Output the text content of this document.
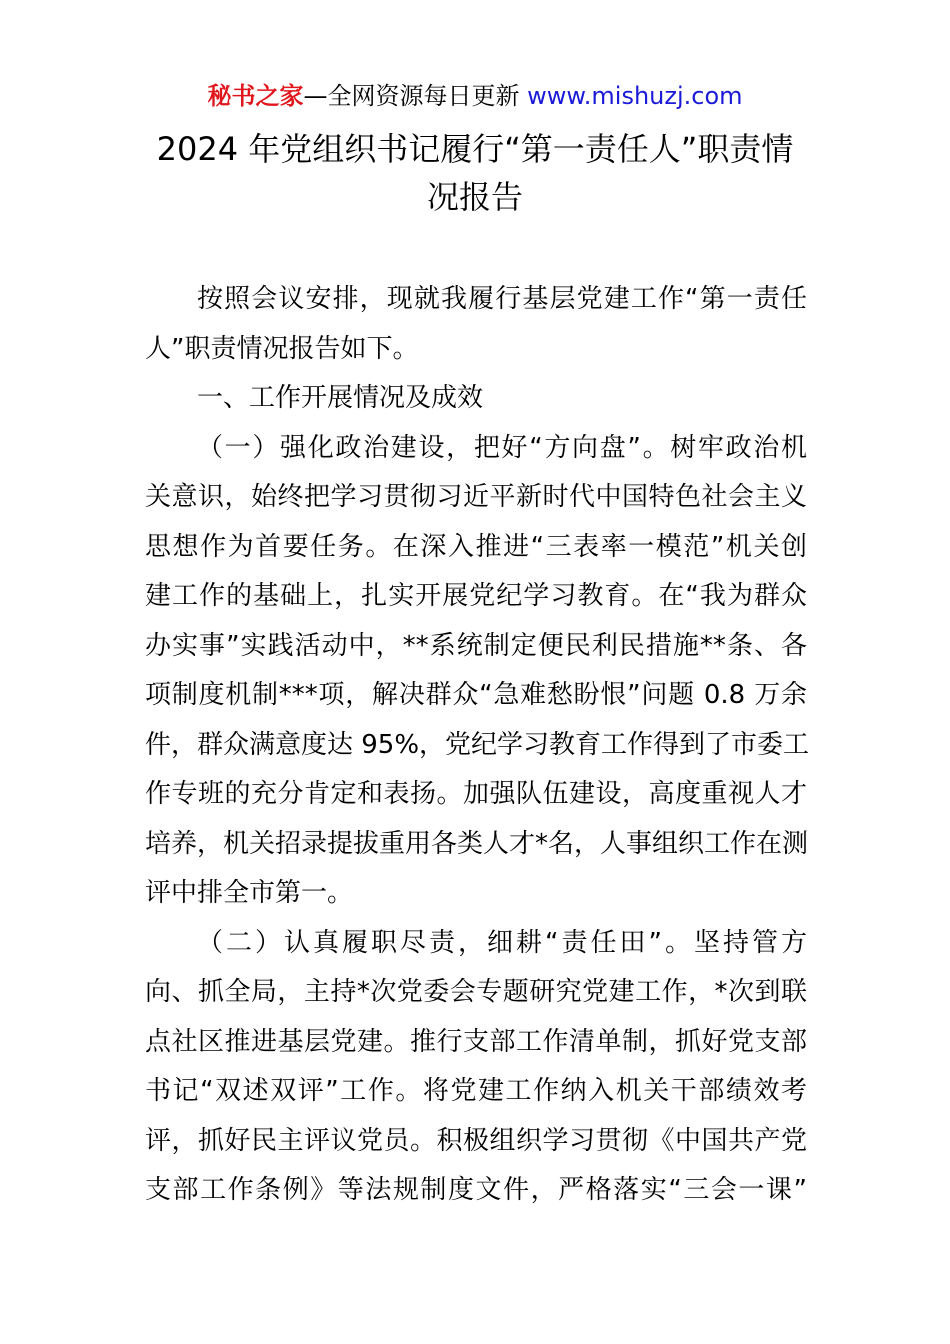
秘书之家—全网资源每日更新 www.mishuzj.com
2024 年党组织书记履行“第一责任人”职责情
况报告
按照会议安排，现就我履行基层党建工作“第一责任
人”职责情况报告如下。
一、工作开展情况及成效
（一）强化政治建设，把好“方向盘”。树牢政治机
关意识，始终把学习贯彻习近平新时代中国特色社会主义
思想作为首要任务。在深入推进“三表率一模范”机关创
建工作的基础上，扎实开展党纪学习教育。在“我为群众
办实事”实践活动中，**系统制定便民利民措施**条、各
项制度机制***项，解决群众“急难愁盼恨”问题 0.8 万余
件，群众满意度达 95%，党纪学习教育工作得到了市委工
作专班的充分肯定和表扬。加强队伍建设，高度重视人才
培养，机关招录提拔重用各类人才*名，人事组织工作在测
评中排全市第一。
（二）认真履职尽责，细耕“责任田”。坚持管方
向、抓全局，主持*次党委会专题研究党建工作，*次到联
点社区推进基层党建。推行支部工作清单制，抓好党支部
书记“双述双评”工作。将党建工作纳入机关干部绩效考
评，抓好民主评议党员。积极组织学习贯彻《中国共产党
支部工作条例》等法规制度文件，严格落实“三会一课”
